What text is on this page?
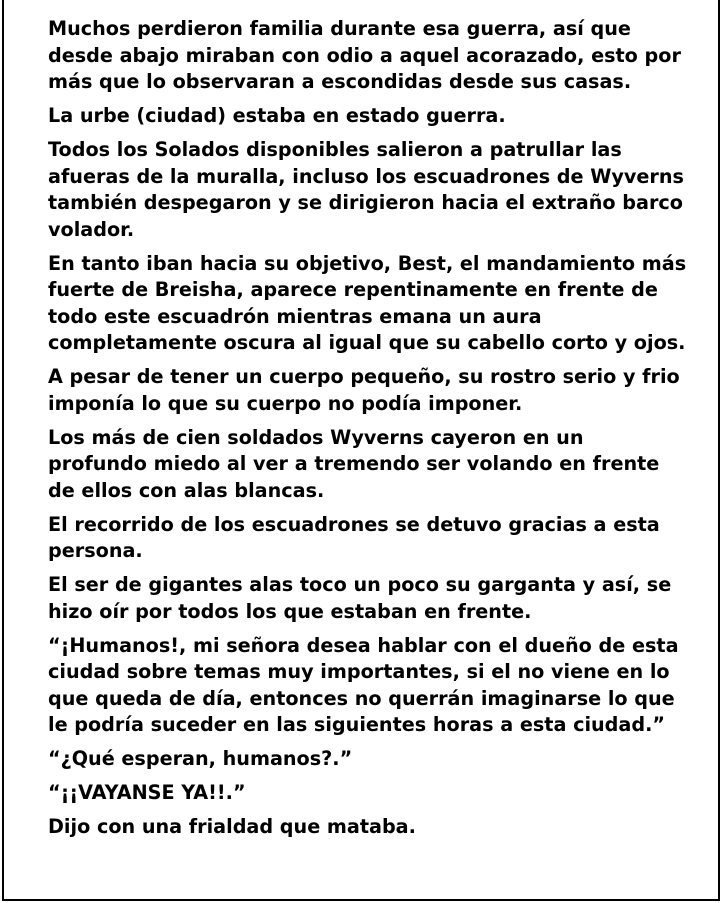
Muchos perdieron familia durante esa guerra, así que desde abajo miraban con odio a aquel acorazado, esto por más que lo observaran a escondidas desde sus casas.

La urbe (ciudad) estaba en estado guerra.

Todos los Solados disponibles salieron a patrullar las afueras de la muralla, incluso los escuadrones de Wyverns también despegaron y se dirigieron hacia el extraño barco volador.

En tanto iban hacia su objetivo, Best, el mandamiento más fuerte de Breisha, aparece repentinamente en frente de todo este escuadrón mientras emana un aura completamente oscura al igual que su cabello corto y ojos.

A pesar de tener un cuerpo pequeño, su rostro serio y frio imponía lo que su cuerpo no podía imponer.

Los más de cien soldados Wyverns cayeron en un profundo miedo al ver a tremendo ser volando en frente de ellos con alas blancas.

El recorrido de los escuadrones se detuvo gracias a esta persona.

El ser de gigantes alas toco un poco su garganta y así, se hizo oír por todos los que estaban en frente.

“¡Humanos!, mi señora desea hablar con el dueño de esta ciudad sobre temas muy importantes, si el no viene en lo que queda de día, entonces no querrán imaginarse lo que le podría suceder en las siguientes horas a esta ciudad.”

“¿Qué esperan, humanos?.”

“¡¡VAYANSE YA!!.”

Dijo con una frialdad que mataba.
